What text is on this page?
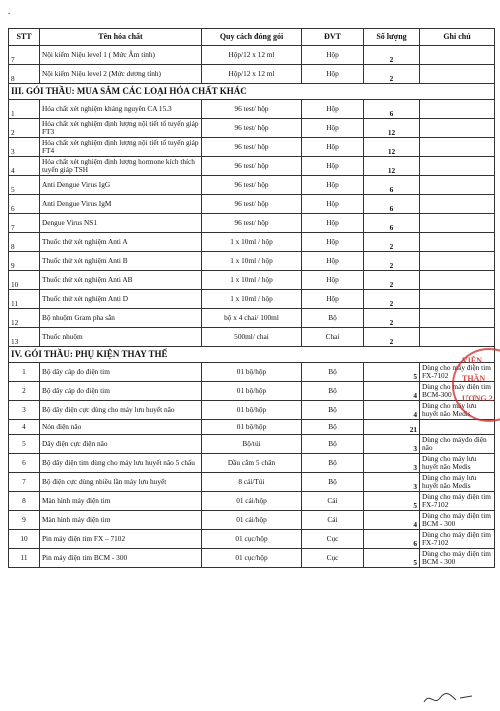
.
STT	Tên hóa chất	Quy cách đóng gói	ĐVT	Số lượng	Ghi chú
7	Nội kiểm Niệu level 1 ( Mức Âm tính)	Hộp/12 x 12 ml	Hộp	2	
8	Nội kiểm Niệu level 2 (Mức dương tính)	Hộp/12 x 12 ml	Hộp	2	
III. GÓI THẦU: MUA SẮM CÁC LOẠI HÓA CHẤT KHÁC					
1	Hóa chất xét nghiệm kháng nguyên CA 15.3	96 test/ hộp	Hộp	6	
2	Hóa chất xét nghiệm định lượng nội tiết tố tuyến giáp FT3	96 test/ hộp	Hộp	12	
3	Hóa chất xét nghiệm định lượng nội tiết tố tuyến giáp FT4	96 test/ hộp	Hộp	12	
4	Hóa chất xét nghiệm định lượng hormone kích thích tuyến giáp TSH	96 test/ hộp	Hộp	12	
5	Anti Dengue Virus IgG	96 test/ hộp	Hộp	6	
6	Anti Dengue Virus IgM	96 test/ hộp	Hộp	6	
7	Dengue Virus NS1	96 test/ hộp	Hộp	6	
8	Thuốc thử xét nghiệm Anti A	1 x 10ml / hộp	Hộp	2	
9	Thuốc thử xét nghiệm Anti B	1 x 10ml / hộp	Hộp	2	
10	Thuốc thử xét nghiệm Anti AB	1 x 10ml / hộp	Hộp	2	
11	Thuốc thử xét nghiệm Anti D	1 x 10ml / hộp	Hộp	2	
12	Bộ nhuộm Gram pha sẵn	bộ x 4 chai/ 100ml	Bộ	2	
13	Thuốc nhuộm	500ml/ chai	Chai	2	
IV. GÓI THẦU: PHỤ KIỆN THAY THẾ					
1	Bộ dây cáp đo điện tim	01 bộ/hộp	Bộ	5	Dùng cho máy điện tim FX-7102
2	Bộ dây cáp đo điện tim	01 bộ/hộp	Bộ	4	Dùng cho máy điện tim BCM-300
3	Bộ dây điện cực dùng cho máy lưu huyết não	01 bộ/hộp	Bộ	4	Dùng cho máy lưu huyết não Medis
4	Nón điện não	01 bộ/hộp	Bộ	21	
5	Dây điện cực điện não	Bộ/túi	Bộ	3	Dùng cho máyđo điện não
6	Bộ dây điện tim dùng cho máy lưu huyết não 5 chấu	Dầu cắm 5 chân	Bộ	3	Dùng cho máy lưu huyết não Medis
7	Bộ điện cực dùng nhiều lần máy lưu huyết	8 cái/Túi	Bộ	3	Dùng cho máy lưu huyết não Medis
8	Màn hình máy điện tim	01 cái/hộp	Cái	5	Dùng cho máy điện tim FX-7102
9	Màn hình máy điện tim	01 cái/hộp	Cái	4	Dùng cho máy điện tim BCM - 300
10	Pin máy điện tim FX – 7102	01 cục/hộp	Cục	6	Dùng cho máy điện tim FX-7102
11	Pin máy điện tim BCM - 300	01 cục/hộp	Cục	5	Dùng cho máy điện tim BCM - 300
VIỆN
THẦN
ƯƠNG 2
